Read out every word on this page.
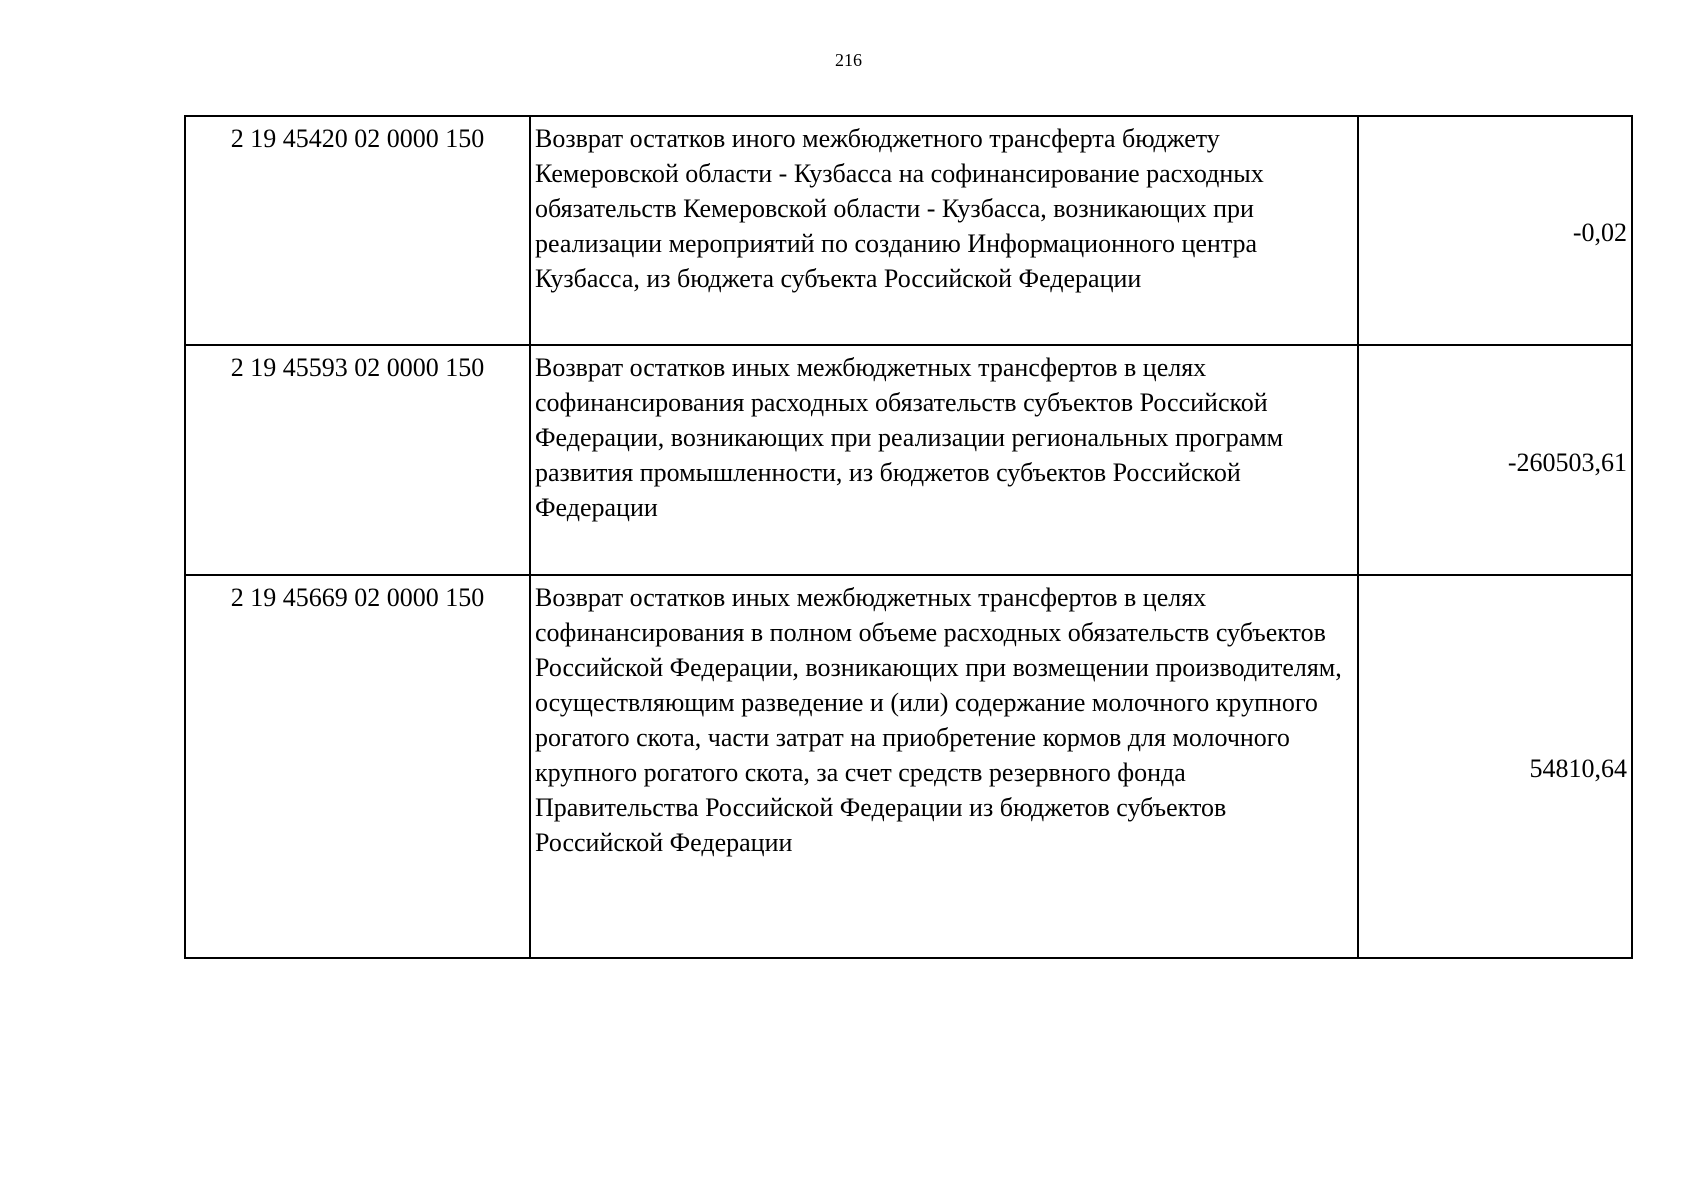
216
2 19 45420 02 0000 150	Возврат остатков иного межбюджетного трансферта бюджету Кемеровской области - Кузбасса на софинансирование расходных обязательств Кемеровской области - Кузбасса, возникающих при реализации мероприятий по созданию Информационного центра Кузбасса, из бюджета субъекта Российской Федерации	-0,02
2 19 45593 02 0000 150	Возврат остатков иных межбюджетных трансфертов в целях софинансирования расходных обязательств субъектов Российской Федерации, возникающих при реализации региональных программ развития промышленности, из бюджетов субъектов Российской Федерации	-260503,61
2 19 45669 02 0000 150	Возврат остатков иных межбюджетных трансфертов в целях софинансирования в полном объеме расходных обязательств субъектов Российской Федерации, возникающих при возмещении производителям, осуществляющим разведение и (или) содержание молочного крупного рогатого скота, части затрат на приобретение кормов для молочного крупного рогатого скота, за счет средств резервного фонда Правительства Российской Федерации из бюджетов субъектов Российской Федерации	54810,64
